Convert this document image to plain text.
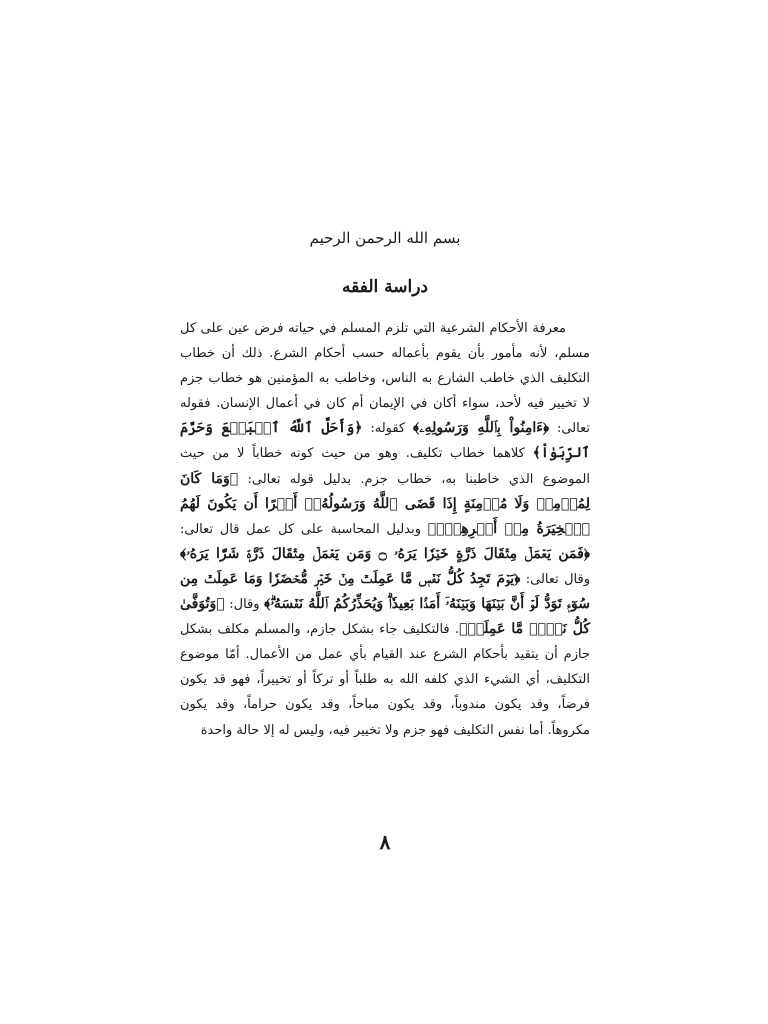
بسم الله الرحمن الرحيم
دراسة الفقه

معرفة الأحكام الشرعية التي تلزم المسلم في حياته فرض عين على كل مسلم، لأنه مأمور بأن يقوم بأعماله حسب أحكام الشرع. ذلك أن خطاب التكليف الذي خاطب الشارع به الناس، وخاطب به المؤمنين هو خطاب جزم لا تخيير فيه لأحد، سواء أكان في الإيمان أم كان في أعمال الإنسان. فقوله تعالى: ﴿ءَامِنُواْ بِٱللَّهِ وَرَسُولِهِۦ﴾ كقوله: ﴿وَأَحَلَّ ٱللَّهُ ٱلۡبَيۡعَ وَحَرَّمَ ٱلرِّبَوٰاْ﴾ كلاهما خطاب تكليف. وهو من حيث كونه خطاباً لا من حيث الموضوع الذي خاطبنا به، خطاب جزم. بدليل قوله تعالى: ﴿وَمَا كَانَ لِمُؤۡمِنٖ وَلَا مُؤۡمِنَةٍ إِذَا قَضَى ٱللَّهُ وَرَسُولُهُۥٓ أَمۡرًا أَن يَكُونَ لَهُمُ ٱلۡخِيَرَةُ مِنۡ أَمۡرِهِمۡۗ﴾ وبدليل المحاسبة على كل عمل قال تعالى: ﴿فَمَن يَعۡمَلۡ مِثۡقَالَ ذَرَّةٍ خَيۡرٗا يَرَهُۥ ۝ وَمَن يَعۡمَلۡ مِثۡقَالَ ذَرَّةٖ شَرّٗا يَرَهُۥ﴾ وقال تعالى: ﴿يَوۡمَ تَجِدُ كُلُّ نَفۡسٖ مَّا عَمِلَتۡ مِنۡ خَيۡرٖ مُّحۡضَرٗا وَمَا عَمِلَتۡ مِن سُوٓءٖ تَوَدُّ لَوۡ أَنَّ بَيۡنَهَا وَبَيۡنَهُۥٓ أَمَدَۢا بَعِيدٗاۗ وَيُحَذِّرُكُمُ ٱللَّهُ نَفۡسَهُۥۗ﴾ وقال: ﴿وَتُوَفَّىٰ كُلُّ نَفۡسٖ مَّا عَمِلَتۡ﴾. فالتكليف جاء بشكل جازم، والمسلم مكلف بشكل جازم أن يتقيد بأحكام الشرع عند القيام بأي عمل من الأعمال. أمّا موضوع التكليف، أي الشيء الذي كلفه الله به طلباً أو تركاً أو تخييراً، فهو قد يكون فرضاً، وقد يكون مندوباً، وقد يكون مباحاً، وقد يكون حراماً، وقد يكون مكروهاً. أما نفس التكليف فهو جزم ولا تخيير فيه، وليس له إلا حالة واحدة

٨
